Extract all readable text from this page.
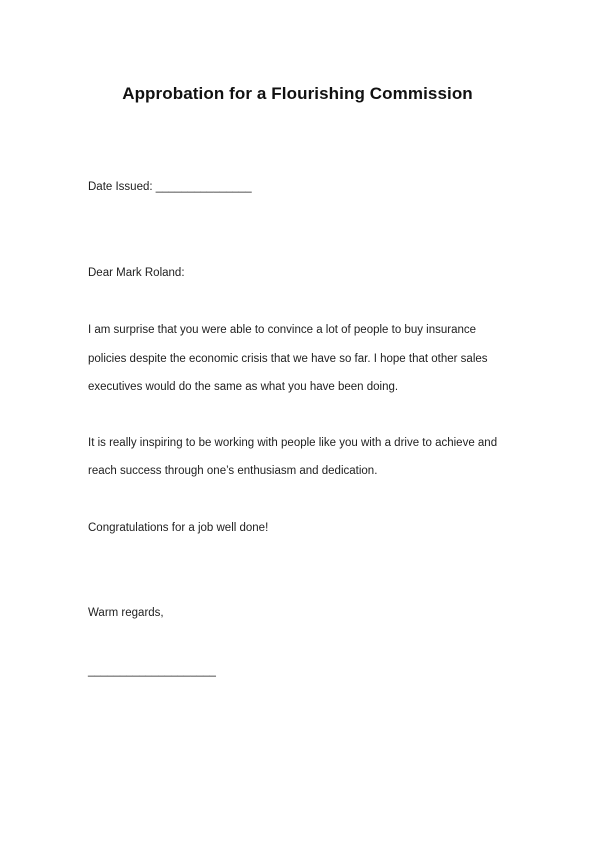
Approbation for a Flourishing Commission
Date Issued: _______________
Dear Mark Roland:
I am surprise that you were able to convince a lot of people to buy insurance
policies despite the economic crisis that we have so far. I hope that other sales
executives would do the same as what you have been doing.
It is really inspiring to be working with people like you with a drive to achieve and
reach success through one’s enthusiasm and dedication.
Congratulations for a job well done!
Warm regards,
____________________
